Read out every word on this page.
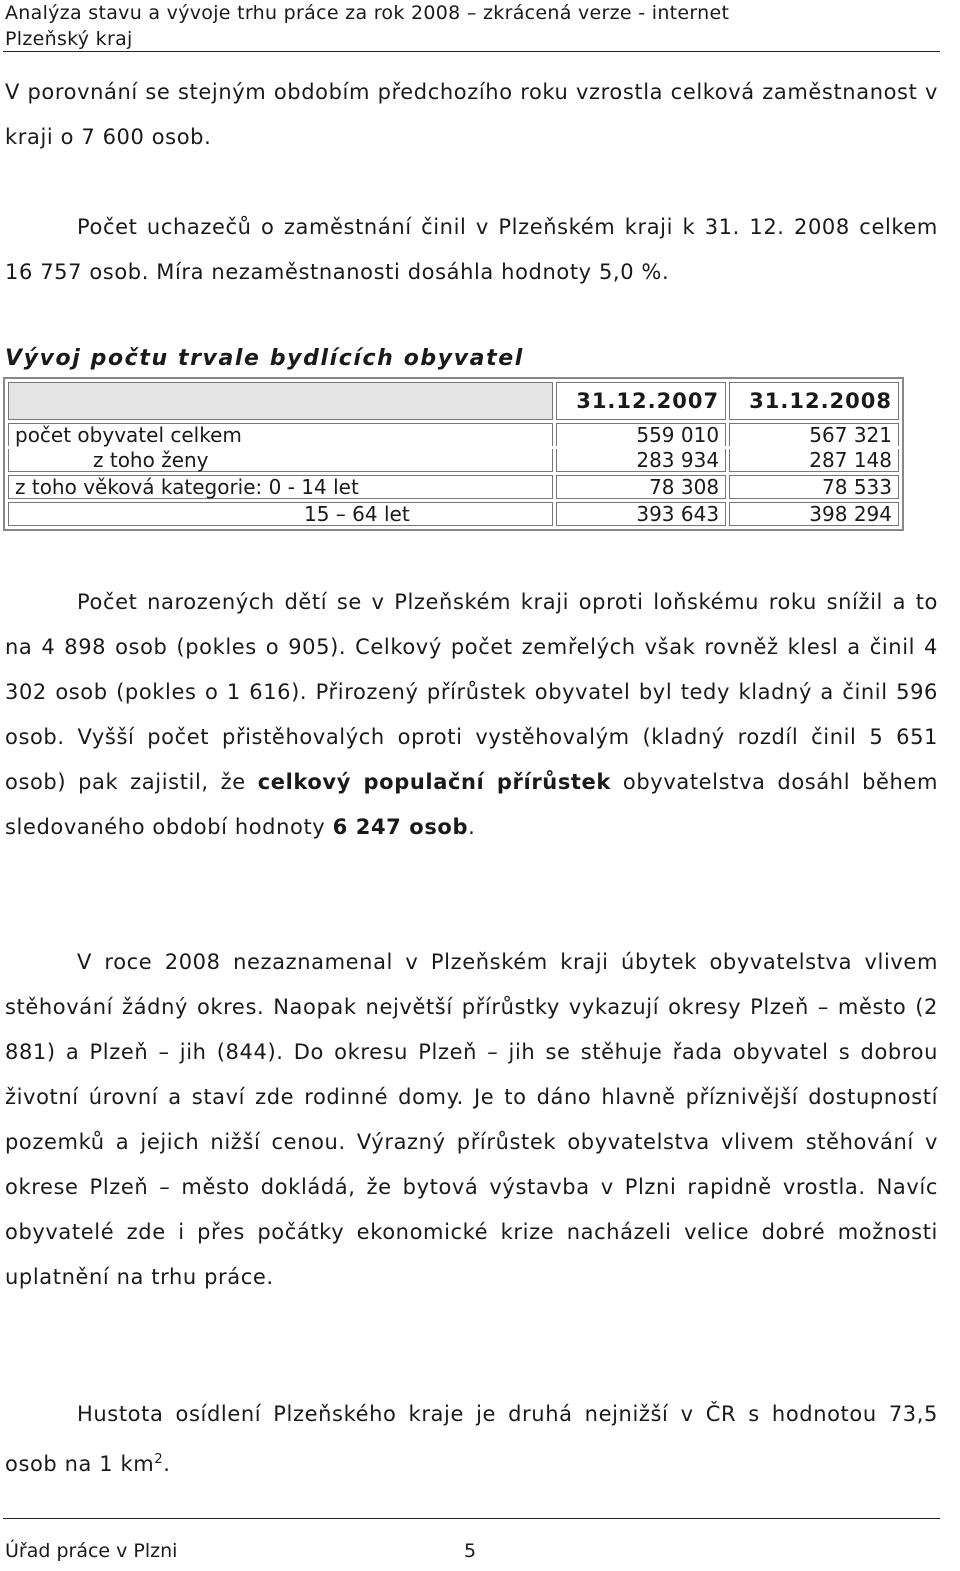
Analýza stavu a vývoje trhu práce za rok 2008 – zkrácená verze - internet
Plzeňský kraj
V porovnání se stejným obdobím předchozího roku vzrostla celková zaměstnanost v kraji o 7 600 osob.
Počet uchazečů o zaměstnání činil v Plzeňském kraji k 31. 12. 2008 celkem 16 757 osob. Míra nezaměstnanosti dosáhla hodnoty 5,0 %.
Vývoj počtu trvale bydlících obyvatel
	31.12.2007	31.12.2008
počet obyvatel celkem	559 010	567 321
z toho ženy	283 934	287 148
z toho věková kategorie: 0 - 14 let	78 308	78 533
15 – 64 let	393 643	398 294
Počet narozených dětí se v Plzeňském kraji oproti loňskému roku snížil a to na 4 898 osob (pokles o 905). Celkový počet zemřelých však rovněž klesl a činil 4 302 osob (pokles o 1 616). Přirozený přírůstek obyvatel byl tedy kladný a činil 596 osob. Vyšší počet přistěhovalých oproti vystěhovalým (kladný rozdíl činil 5 651 osob) pak zajistil, že celkový populační přírůstek obyvatelstva dosáhl během sledovaného období hodnoty 6 247 osob.
V roce 2008 nezaznamenal v Plzeňském kraji úbytek obyvatelstva vlivem stěhování žádný okres. Naopak největší přírůstky vykazují okresy Plzeň – město (2 881) a Plzeň – jih (844). Do okresu Plzeň – jih se stěhuje řada obyvatel s dobrou životní úrovní a staví zde rodinné domy. Je to dáno hlavně příznivější dostupností pozemků a jejich nižší cenou. Výrazný přírůstek obyvatelstva vlivem stěhování v okrese Plzeň – město dokládá, že bytová výstavba v Plzni rapidně vrostla. Navíc obyvatelé zde i přes počátky ekonomické krize nacházeli velice dobré možnosti uplatnění na trhu práce.
Hustota osídlení Plzeňského kraje je druhá nejnižší v ČR s hodnotou 73,5 osob na 1 $km^2$.
Úřad práce v Plzni	5
